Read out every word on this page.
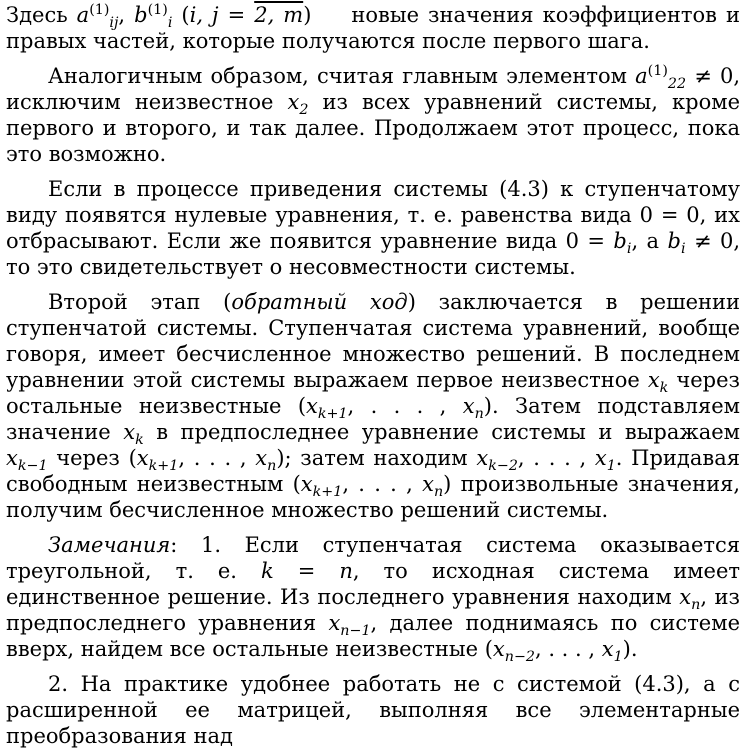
Здесь $a^{(1)}_{ij}$, $b^{(1)}_i$ (i, j = 2, m) новые значения коэффициентов и правых частей, которые получаются после первого шага.

Аналогичным образом, считая главным элементом $a^{(1)}_{22} \ne 0$, исключим неизвестное $x_2$ из всех уравнений системы, кроме первого и второго, и так далее. Продолжаем этот процесс, пока это возможно.

Если в процессе приведения системы (4.3) к ступенчатому виду появятся нулевые уравнения, т. е. равенства вида 0 = 0, их отбрасывают. Если же появится уравнение вида $0 = b_i$, а $b_i \ne 0$, то это свидетельствует о несовместности системы.

Второй этап (обратный ход) заключается в решении ступенчатой системы. Ступенчатая система уравнений, вообще говоря, имеет бесчисленное множество решений. В последнем уравнении этой системы выражаем первое неизвестное $x_k$ через остальные неизвестные ($x_{k+1}$, . . . , $x_n$). Затем подставляем значение $x_k$ в предпоследнее уравнение системы и выражаем $x_{k-1}$ через ($x_{k+1}$, . . . , $x_n$); затем находим $x_{k-2}$, . . . , $x_1$. Придавая свободным неизвестным ($x_{k+1}$, . . . , $x_n$) произвольные значения, получим бесчисленное множество решений системы.

Замечания: 1. Если ступенчатая система оказывается треугольной, т. е. k = n, то исходная система имеет единственное решение. Из последнего уравнения находим $x_n$, из предпоследнего уравнения $x_{n-1}$, далее поднимаясь по системе вверх, найдем все остальные неизвестные ($x_{n-2}$, . . . , $x_1$).

2. На практике удобнее работать не с системой (4.3), а с расширенной ее матрицей, выполняя все элементарные преобразования над
